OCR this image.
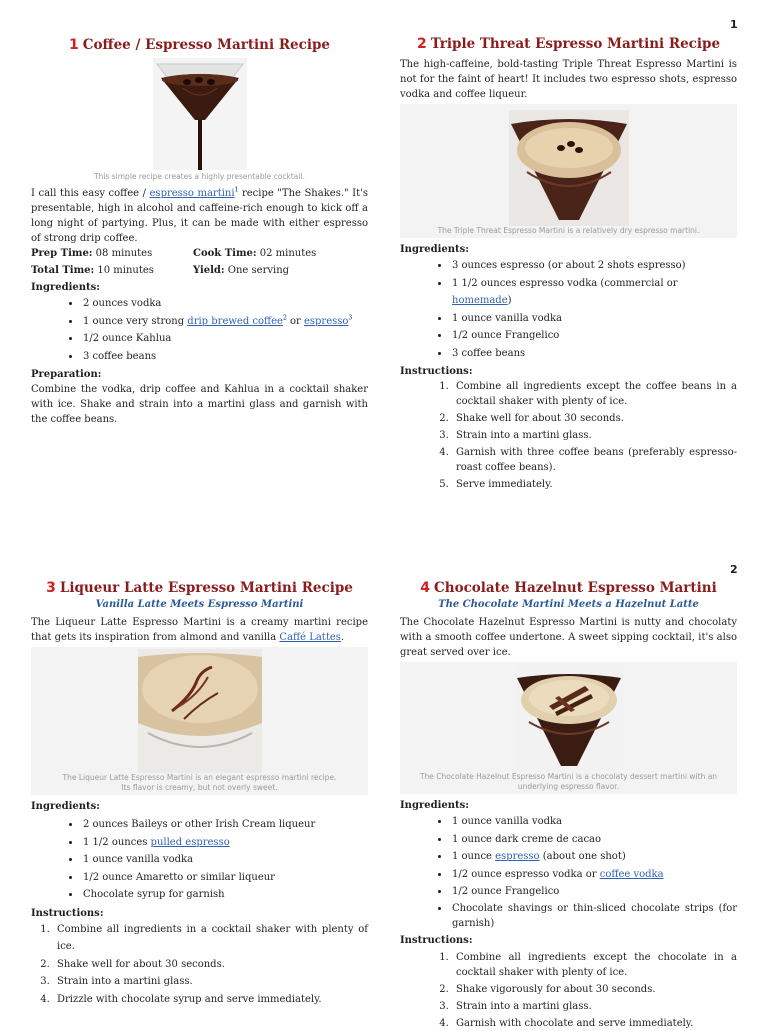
1
2
1 Coffee / Espresso Martini Recipe
This simple recipe creates a highly presentable cocktail.

I call this easy coffee / espresso martini$^1$ recipe "The Shakes." It's presentable, high in alcohol and caffeine-rich enough to kick off a long night of partying. Plus, it can be made with either espresso of strong drip coffee.

Prep Time: 08 minutes	Cook Time: 02 minutes
Total Time: 10 minutes	Yield: One serving

Ingredients:

• 2 ounces vodka
• 1 ounce very strong drip brewed coffee$^2$ or espresso$^3$
• 1/2 ounce Kahlua
• 3 coffee beans

Preparation:

Combine the vodka, drip coffee and Kahlua in a cocktail shaker with ice. Shake and strain into a martini glass and garnish with the coffee beans.

2 Triple Threat Espresso Martini Recipe

The high-caffeine, bold-tasting Triple Threat Espresso Martini is not for the faint of heart! It includes two espresso shots, espresso vodka and coffee liqueur.

The Triple Threat Espresso Martini is a relatively dry espresso martini.

Ingredients:

• 3 ounces espresso (or about 2 shots espresso)
• 1 1/2 ounces espresso vodka (commercial or homemade)
• 1 ounce vanilla vodka
• 1/2 ounce Frangelico
• 3 coffee beans

Instructions:

1. Combine all ingredients except the coffee beans in a cocktail shaker with plenty of ice.
2. Shake well for about 30 seconds.
3. Strain into a martini glass.
4. Garnish with three coffee beans (preferably espresso-roast coffee beans).
5. Serve immediately.
3 Liqueur Latte Espresso Martini Recipe

Vanilla Latte Meets Espresso Martini

The Liqueur Latte Espresso Martini is a creamy martini recipe that gets its inspiration from almond and vanilla Caffé Lattes.

The Liqueur Latte Espresso Martini is an elegant espresso martini recipe.
Its flavor is creamy, but not overly sweet.

Ingredients:

• 2 ounces Baileys or other Irish Cream liqueur
• 1 1/2 ounces pulled espresso
• 1 ounce vanilla vodka
• 1/2 ounce Amaretto or similar liqueur
• Chocolate syrup for garnish

Instructions:

1. Combine all ingredients in a cocktail shaker with plenty of ice.
2. Shake well for about 30 seconds.
3. Strain into a martini glass.
4. Drizzle with chocolate syrup and serve immediately.
4 Chocolate Hazelnut Espresso Martini

The Chocolate Martini Meets a Hazelnut Latte

The Chocolate Hazelnut Espresso Martini is nutty and chocolaty with a smooth coffee undertone. A sweet sipping cocktail, it's also great served over ice.

The Chocolate Hazelnut Espresso Martini is a chocolaty dessert martini with an underlying espresso flavor.

Ingredients:

• 1 ounce vanilla vodka
• 1 ounce dark creme de cacao
• 1 ounce espresso (about one shot)
• 1/2 ounce espresso vodka or coffee vodka
• 1/2 ounce Frangelico
• Chocolate shavings or thin-sliced chocolate strips (for garnish)

Instructions:

1. Combine all ingredients except the chocolate in a cocktail shaker with plenty of ice.
2. Shake vigorously for about 30 seconds.
3. Strain into a martini glass.
4. Garnish with chocolate and serve immediately.
